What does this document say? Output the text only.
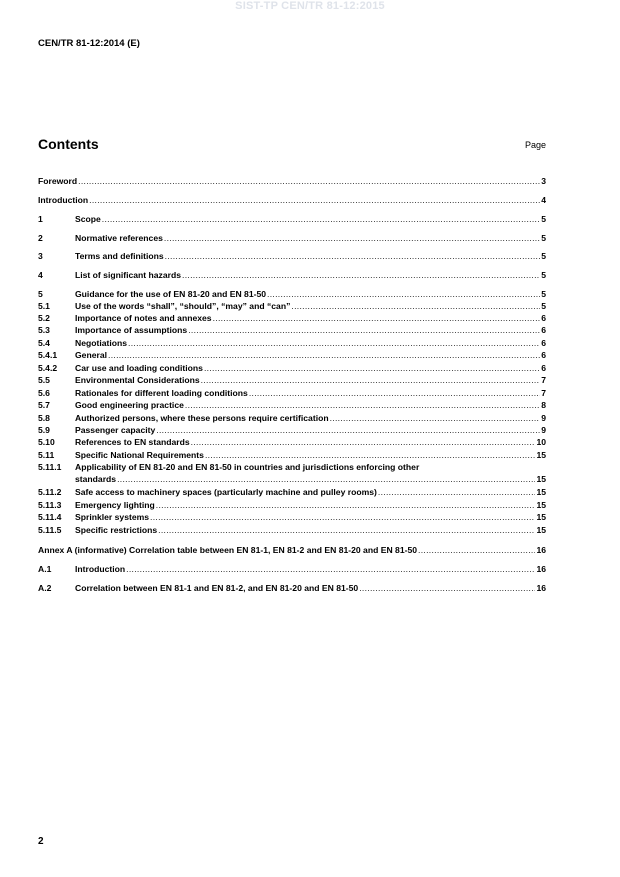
SIST-TP CEN/TR 81-12:2015
CEN/TR 81-12:2014 (E)
Contents	Page
Foreword .....	3
Introduction .....	4
1	Scope .....	5
2	Normative references .....	5
3	Terms and definitions .....	5
4	List of significant hazards .....	5
5	Guidance for the use of EN 81-20 and EN 81-50 .....	5
5.1	Use of the words “shall”, “should”, “may” and “can” .....	5
5.2	Importance of notes and annexes .....	6
5.3	Importance of assumptions .....	6
5.4	Negotiations .....	6
5.4.1	General .....	6
5.4.2	Car use and loading conditions .....	6
5.5	Environmental Considerations .....	7
5.6	Rationales for different loading conditions .....	7
5.7	Good engineering practice .....	8
5.8	Authorized persons, where these persons require certification .....	9
5.9	Passenger capacity .....	9
5.10	References to EN standards .....	10
5.11	Specific National Requirements .....	15
5.11.1	Applicability of EN 81-20 and EN 81-50 in countries and jurisdictions enforcing other
standards .....	15
5.11.2	Safe access to machinery spaces (particularly machine and pulley rooms) .....	15
5.11.3	Emergency lighting .....	15
5.11.4	Sprinkler systems .....	15
5.11.5	Specific restrictions .....	15
Annex A (informative) Correlation table between EN 81-1, EN 81-2 and EN 81-20 and EN 81-50 .....	16
A.1	Introduction .....	16
A.2	Correlation between EN 81-1 and EN 81-2, and EN 81-20 and EN 81-50 .....	16
2
